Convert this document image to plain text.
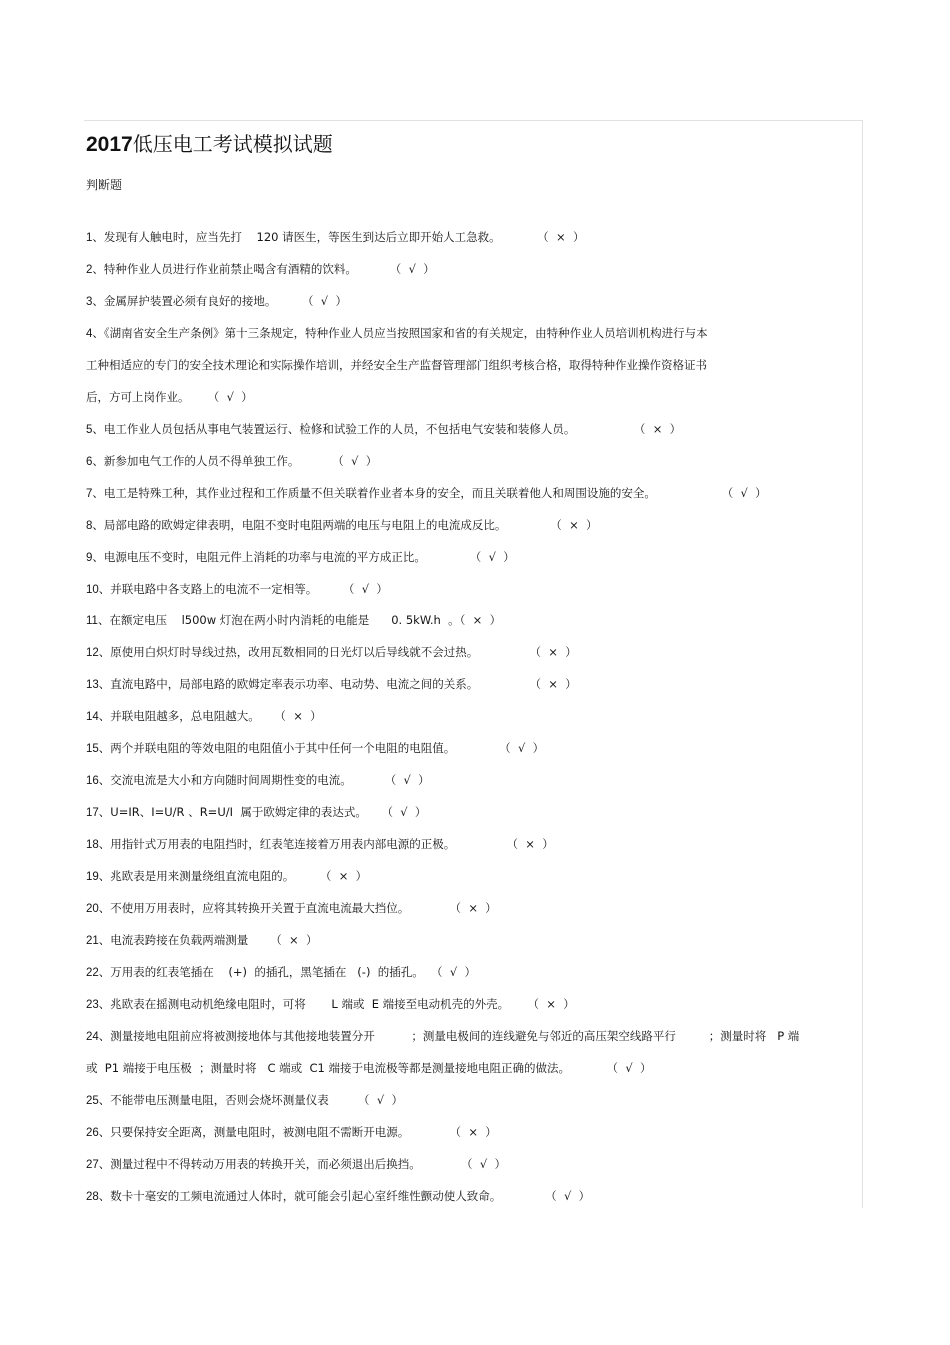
2017低压电工考试模拟试题
判断题
1、发现有人触电时，应当先打    120 请医生，等医生到达后立即开始人工急救。          （  ×  ）
2、特种作业人员进行作业前禁止喝含有酒精的饮料。         （  √  ）
3、金属屏护装置必须有良好的接地。       （  √  ）
4、《湖南省安全生产条例》第十三条规定，特种作业人员应当按照国家和省的有关规定，由特种作业人员培训机构进行与本
工种相适应的专门的安全技术理论和实际操作培训，并经安全生产监督管理部门组织考核合格，取得特种作业操作资格证书
后，方可上岗作业。     （  √  ）
5、电工作业人员包括从事电气装置运行、检修和试验工作的人员，不包括电气安装和装修人员。                （  ×  ）
6、新参加电气工作的人员不得单独工作。         （  √  ）
7、电工是特殊工种，其作业过程和工作质量不但关联着作业者本身的安全，而且关联着他人和周围设施的安全。                  （  √  ）
8、局部电路的欧姆定律表明，电阻不变时电阻两端的电压与电阻上的电流成反比。            （  ×  ）
9、电源电压不变时，电阻元件上消耗的功率与电流的平方成正比。            （  √  ）
10、并联电路中各支路上的电流不一定相等。       （  √  ）
11、在额定电压    l500w 灯泡在两小时内消耗的电能是      0. 5kW.h  。（  ×  ）
12、原使用白炽灯时导线过热，改用瓦数相同的日光灯以后导线就不会过热。              （  ×  ）
13、直流电路中，局部电路的欧姆定率表示功率、电动势、电流之间的关系。              （  ×  ）
14、并联电阻越多，总电阻越大。    （  ×  ）
15、两个并联电阻的等效电阻的电阻值小于其中任何一个电阻的电阻值。            （  √  ）
16、交流电流是大小和方向随时间周期性变的电流。         （  √  ）
17、U=IR、I=U/R 、R=U/I  属于欧姆定律的表达式。    （  √  ）
18、用指针式万用表的电阻挡时，红表笔连接着万用表内部电源的正极。              （  ×  ）
19、兆欧表是用来测量绕组直流电阻的。       （  ×  ）
20、不使用万用表时，应将其转换开关置于直流电流最大挡位。           （  ×  ）
21、电流表跨接在负载两端测量      （  ×  ）
22、万用表的红表笔插在    (+)  的插孔，黑笔插在   (-)  的插孔。  （  √  ）
23、兆欧表在摇测电动机绝缘电阻时，可将       L 端或  E 端接至电动机壳的外壳。     （  ×  ）
24、测量接地电阻前应将被测接地体与其他接地装置分开          ；测量电极间的连线避免与邻近的高压架空线路平行         ；测量时将   P 端
或  P1 端接于电压极  ；测量时将   C 端或  C1 端接于电流极等都是测量接地电阻正确的做法。          （  √  ）
25、不能带电压测量电阻，否则会烧坏测量仪表        （  √  ）
26、只要保持安全距离，测量电阻时，被测电阻不需断开电源。           （  ×  ）
27、测量过程中不得转动万用表的转换开关，而必须退出后换挡。           （  √  ）
28、数卡十毫安的工频电流通过人体时，就可能会引起心室纤维性颤动使人致命。            （  √  ）
